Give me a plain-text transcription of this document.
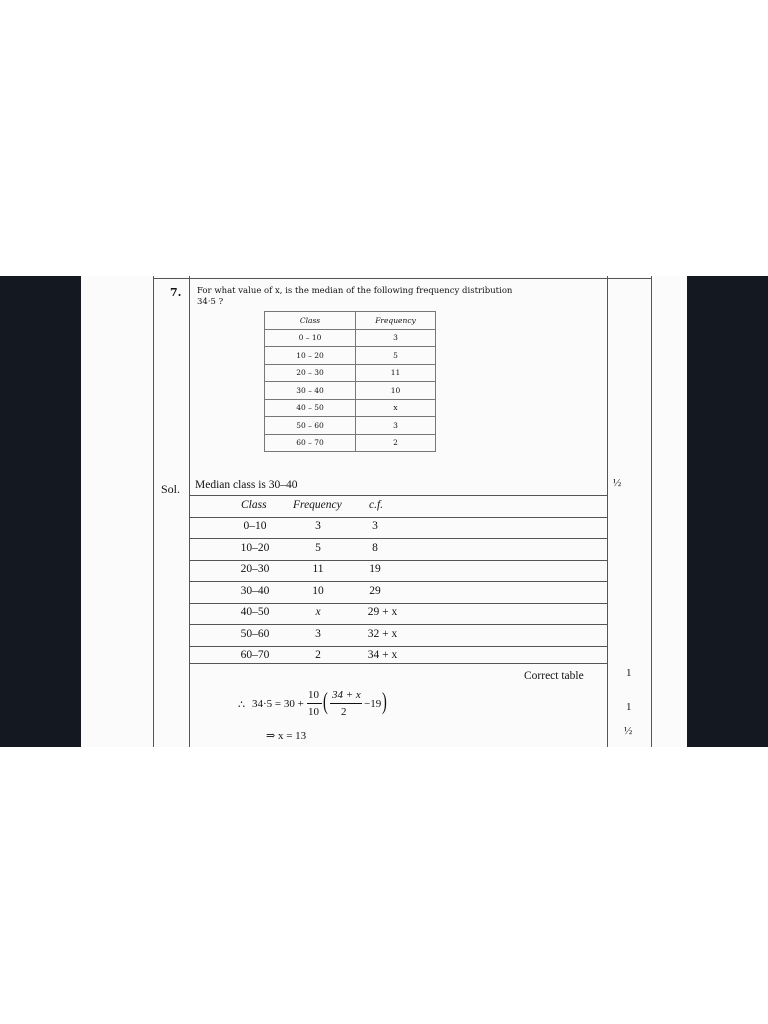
7. For what value of x, is the median of the following frequency distribution
34·5 ?
Class	Frequency
0 – 10	3
10 – 20	5
20 – 30	11
30 – 40	10
40 – 50	x
50 – 60	3
60 – 70	2
Sol. Median class is 30–40	½
Class Frequency c.f.
0–10	3	3
10–20	5	8
20–30	11	19
30–40	10	29
40–50	x	29 + x
50–60	3	32 + x
60–70	2	34 + x
Correct table	1
∴ 34·5 = 30 +
10
10 ( 34 + x
2
−19 )	1
⇒ x = 13	½
